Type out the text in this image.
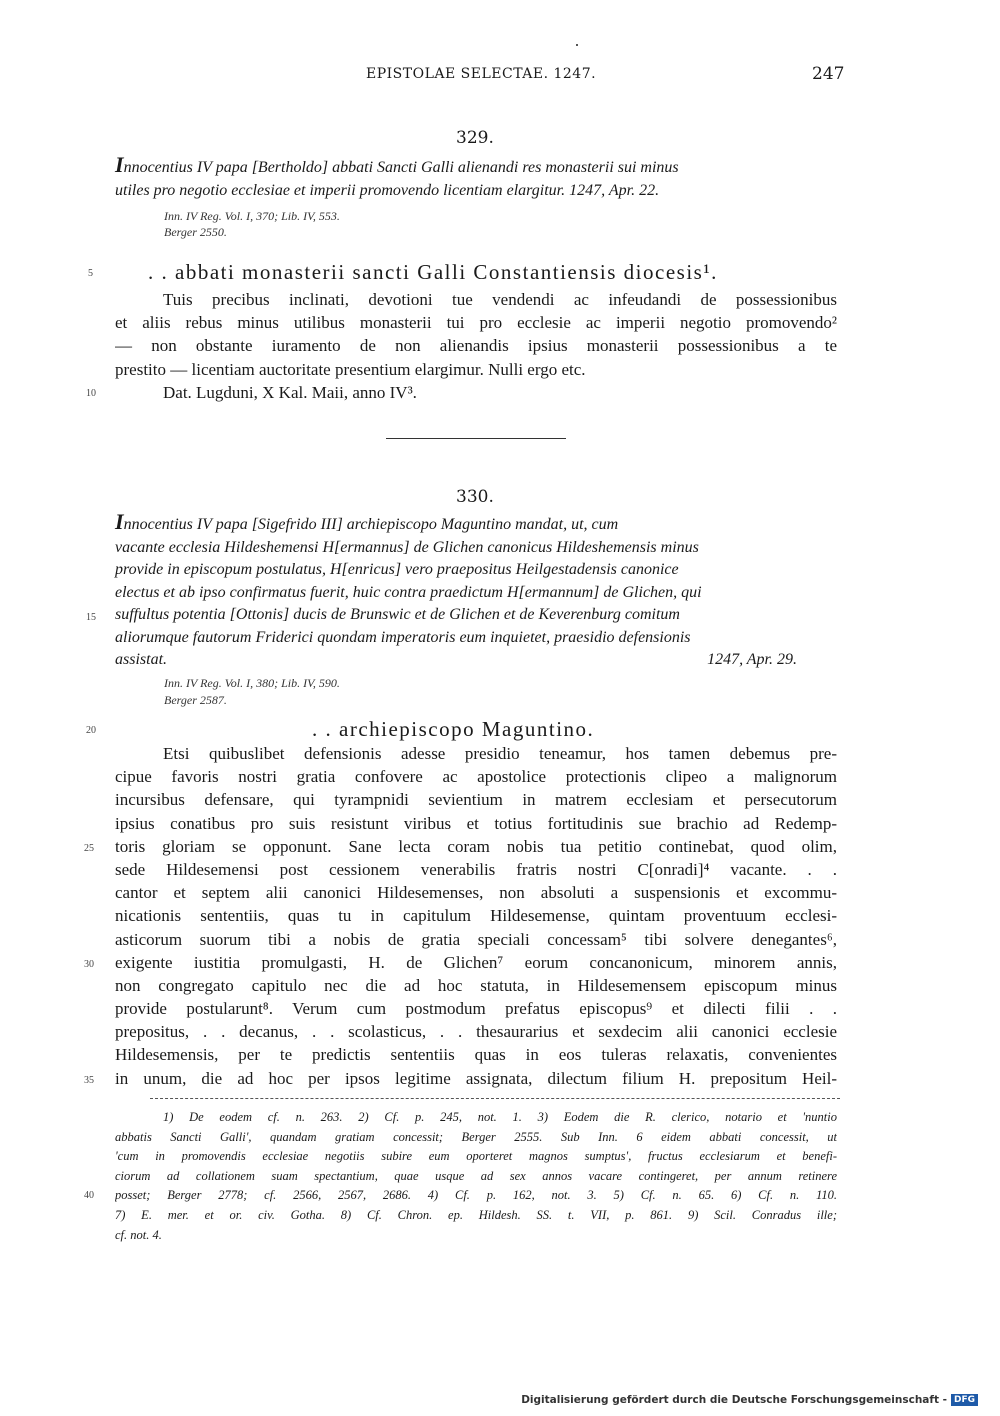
EPISTOLAE SELECTAE. 1247.	247
329.
Innocentius IV papa [Bertholdo] abbati Sancti Galli alienandi res monasterii sui minus
utiles pro negotio ecclesiae et imperii promovendo licentiam elargitur. 1247, Apr. 22.
Inn. IV Reg. Vol. I, 370; Lib. IV, 553.
Berger 2550.
5	. . abbati monasterii sancti Galli Constantiensis diocesis¹.
Tuis precibus inclinati, devotioni tue vendendi ac infeudandi de possessionibus
et aliis rebus minus utilibus monasterii tui pro ecclesie ac imperii negotio promovendo²
— non obstante iuramento de non alienandis ipsius monasterii possessionibus a te
prestito — licentiam auctoritate presentium elargimur. Nulli ergo etc.
Dat. Lugduni, X Kal. Maii, anno IV³.
10
330.
Innocentius IV papa [Sigefrido III] archiepiscopo Maguntino mandat, ut, cum
vacante ecclesia Hildeshemensi H[ermannus] de Glichen canonicus Hildeshemensis minus
provide in episcopum postulatus, H[enricus] vero praepositus Heilgestadensis canonice
electus et ab ipso confirmatus fuerit, huic contra praedictum H[ermannum] de Glichen, qui
suffultus potentia [Ottonis] ducis de Brunswic et de Glichen et de Keverenburg comitum
aliorumque fautorum Friderici quondam imperatoris eum inquietet, praesidio defensionis
assistat.	1247, Apr. 29.
15
Inn. IV Reg. Vol. I, 380; Lib. IV, 590.
Berger 2587.
20	. . archiepiscopo Maguntino.
Etsi quibuslibet defensionis adesse presidio teneamur, hos tamen debemus pre-
cipue favoris nostri gratia confovere ac apostolice protectionis clipeo a malignorum
incursibus defensare, qui tyrampnidi sevientium in matrem ecclesiam et persecutorum
ipsius conatibus pro suis resistunt viribus et totius fortitudinis sue brachio ad Redemp-
toris gloriam se opponunt. Sane lecta coram nobis tua petitio continebat, quod olim,
sede Hildesemensi post cessionem venerabilis fratris nostri C[onradi]⁴ vacante. . .
cantor et septem alii canonici Hildesemenses, non absoluti a suspensionis et excommu-
nicationis sententiis, quas tu in capitulum Hildesemense, quintam proventuum ecclesi-
asticorum suorum tibi a nobis de gratia speciali concessam⁵ tibi solvere denegantes⁶,
exigente iustitia promulgasti, H. de Glichen⁷ eorum concanonicum, minorem annis,
non congregato capitulo nec die ad hoc statuta, in Hildesemensem episcopum minus
provide postularunt⁸. Verum cum postmodum prefatus episcopus⁹ et dilecti filii . .
prepositus, . . decanus, . . scolasticus, . . thesaurarius et sexdecim alii canonici ecclesie
Hildesemensis, per te predictis sententiis quas in eos tuleras relaxatis, convenientes
in unum, die ad hoc per ipsos legitime assignata, dilectum filium H. prepositum Heil-
25
30
35
1) De eodem cf. n. 263. 2) Cf. p. 245, not. 1. 3) Eodem die R. clerico, notario et 'nuntio
abbatis Sancti Galli', quandam gratiam concessit; Berger 2555. Sub Inn. 6 eidem abbati concessit, ut
'cum in promovendis ecclesiae negotiis subire eum oporteret magnos sumptus', fructus ecclesiarum et benefi-
ciorum ad collationem suam spectantium, quae usque ad sex annos vacare contingeret, per annum retinere
posset; Berger 2778; cf. 2566, 2567, 2686. 4) Cf. p. 162, not. 3. 5) Cf. n. 65. 6) Cf. n. 110.
7) E. mer. et or. civ. Gotha. 8) Cf. Chron. ep. Hildesh. SS. t. VII, p. 861. 9) Scil. Conradus ille;
cf. not. 4.
40
Digitalisierung gefördert durch die Deutsche Forschungsgemeinschaft - DFG
